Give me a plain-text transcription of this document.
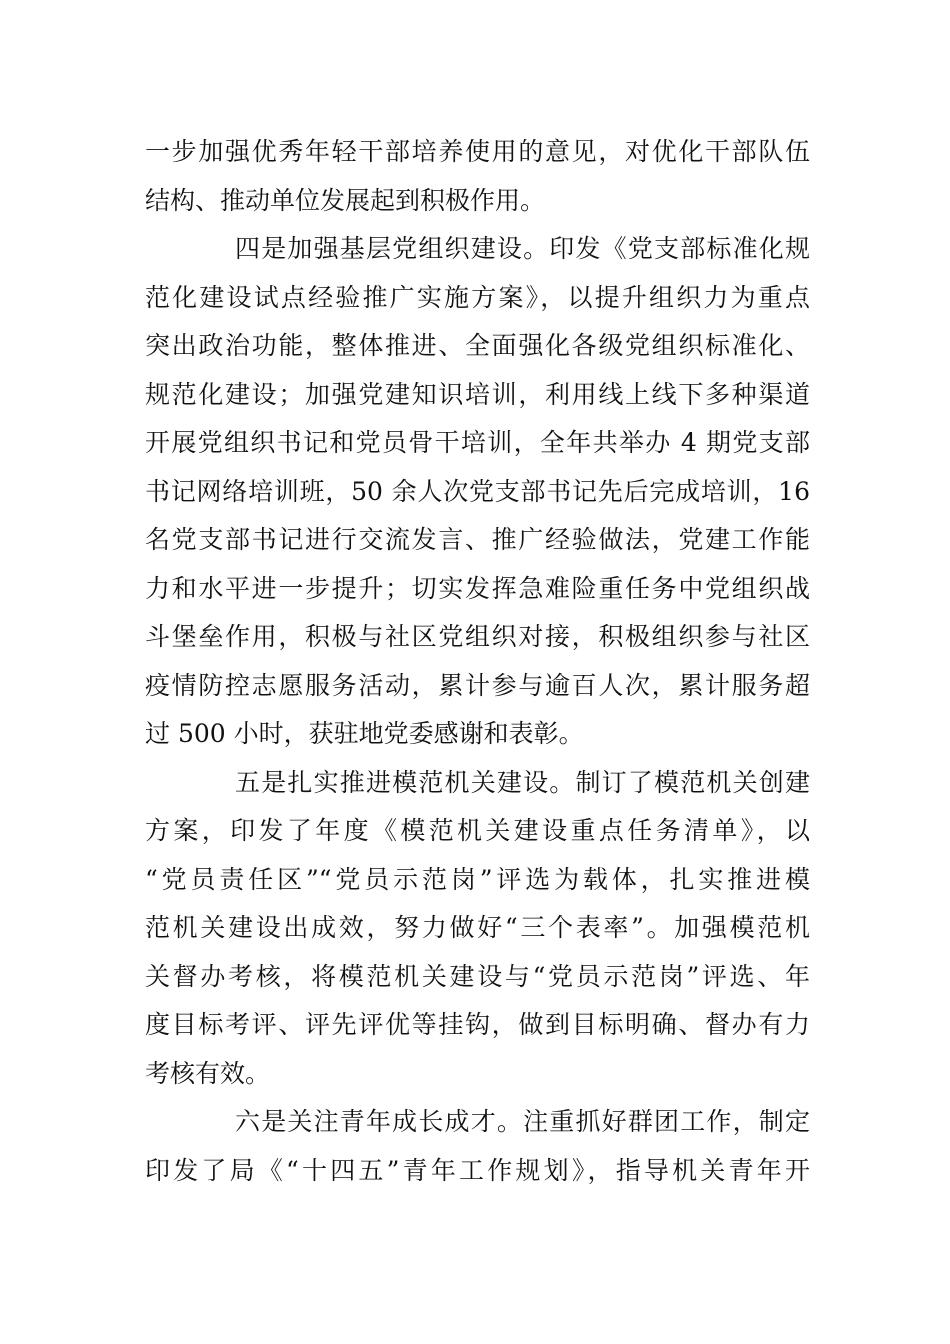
一步加强优秀年轻干部培养使用的意见，对优化干部队伍
结构、推动单位发展起到积极作用。
四是加强基层党组织建设。印发《党支部标准化规
范化建设试点经验推广实施方案》，以提升组织力为重点
突出政治功能，整体推进、全面强化各级党组织标准化、
规范化建设；加强党建知识培训，利用线上线下多种渠道
开展党组织书记和党员骨干培训，全年共举办 4 期党支部
书记网络培训班，50 余人次党支部书记先后完成培训，16
名党支部书记进行交流发言、推广经验做法，党建工作能
力和水平进一步提升；切实发挥急难险重任务中党组织战
斗堡垒作用，积极与社区党组织对接，积极组织参与社区
疫情防控志愿服务活动，累计参与逾百人次，累计服务超
过 500 小时，获驻地党委感谢和表彰。
五是扎实推进模范机关建设。制订了模范机关创建
方案，印发了年度《模范机关建设重点任务清单》，以
“党员责任区”“党员示范岗”评选为载体，扎实推进模
范机关建设出成效，努力做好“三个表率”。加强模范机
关督办考核，将模范机关建设与“党员示范岗”评选、年
度目标考评、评先评优等挂钩，做到目标明确、督办有力
考核有效。
六是关注青年成长成才。注重抓好群团工作，制定
印发了局《“十四五”青年工作规划》，指导机关青年开
